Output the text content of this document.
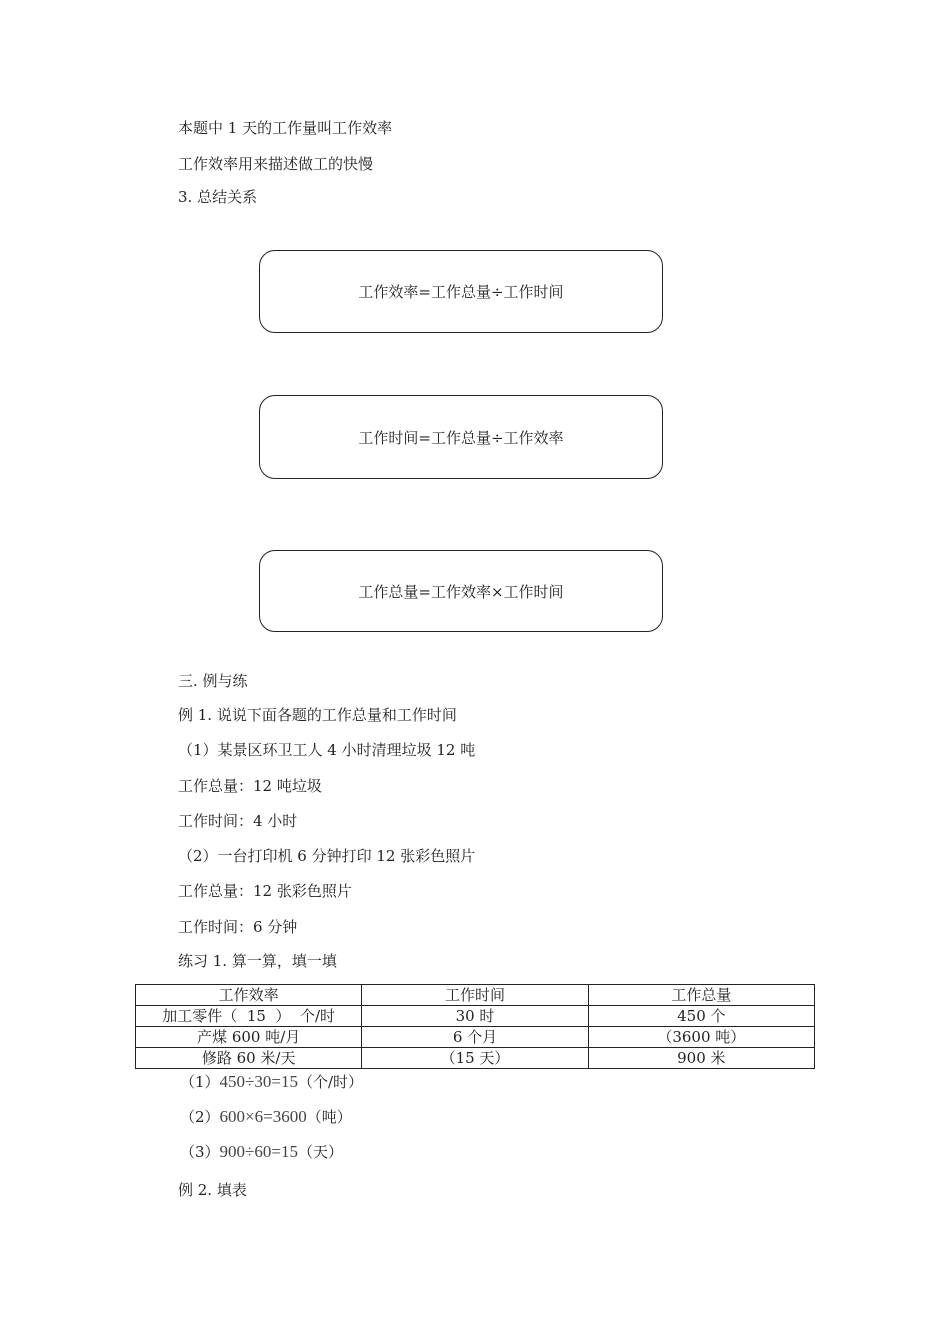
本题中 1 天的工作量叫工作效率
工作效率用来描述做工的快慢
3. 总结关系
工作效率=工作总量÷工作时间
工作时间=工作总量÷工作效率
工作总量=工作效率×工作时间
三. 例与练
例 1. 说说下面各题的工作总量和工作时间
（1）某景区环卫工人 4 小时清理垃圾 12 吨
工作总量：12 吨垃圾
工作时间：4 小时
（2）一台打印机 6 分钟打印 12 张彩色照片
工作总量：12 张彩色照片
工作时间：6 分钟
练习 1. 算一算，填一填
工作效率	工作时间	工作总量
加工零件（  15  ）  个/时	30 时	450 个
产煤 600 吨/月	6 个月	（3600 吨）
修路 60 米/天	（15 天）	900 米
（1）450÷30=15（个/时）
（2）600×6=3600（吨）
（3）900÷60=15（天）
例 2. 填表
